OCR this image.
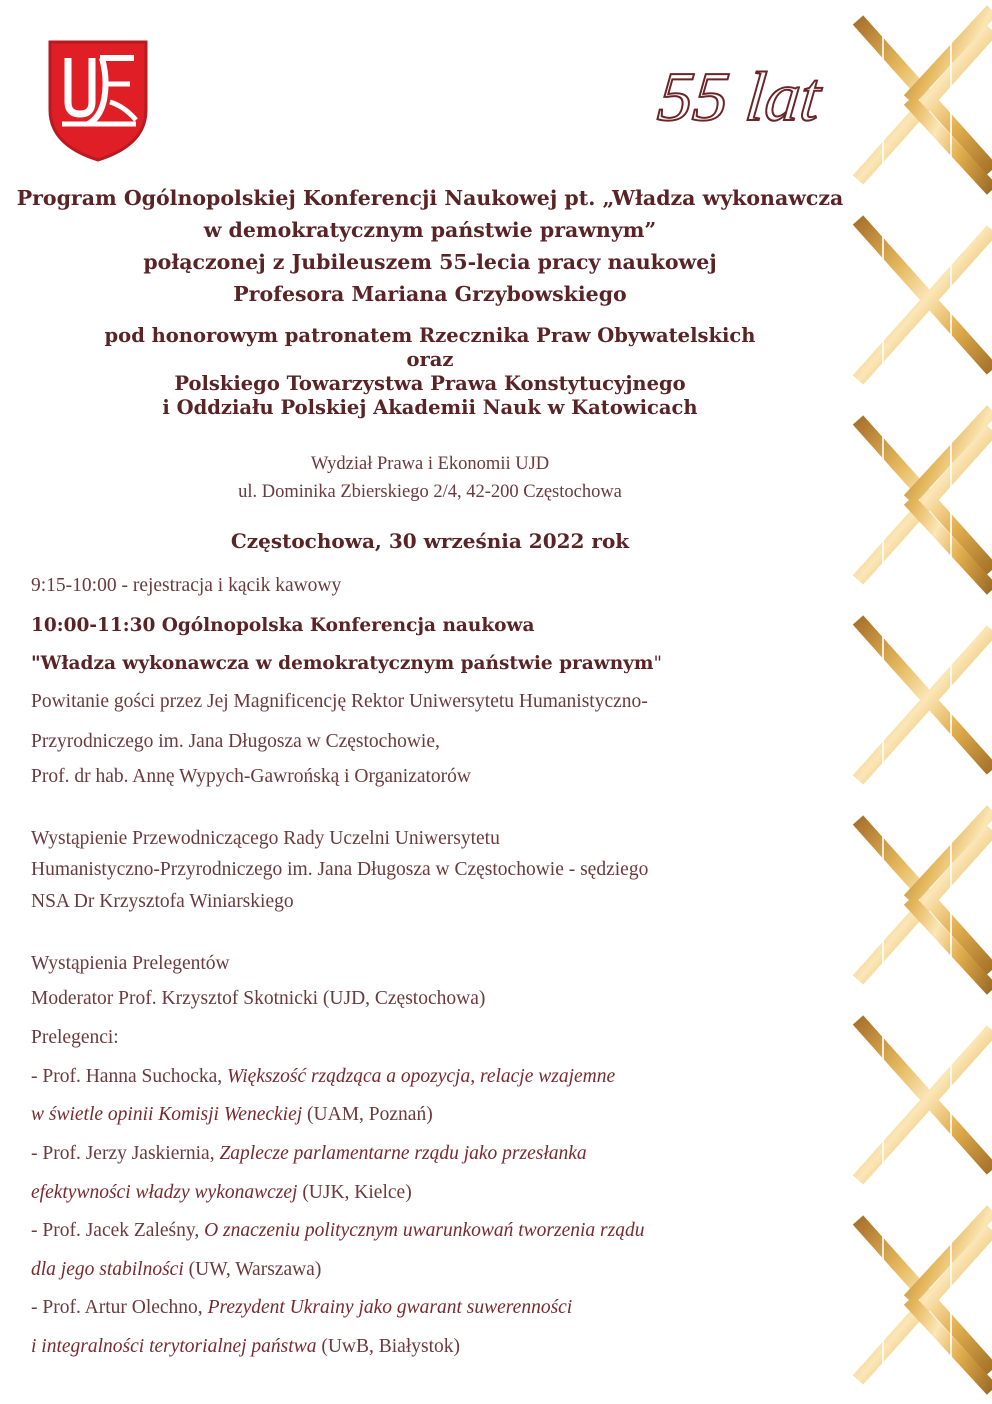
55 lat
Program Ogólnopolskiej Konferencji Naukowej pt. „Władza wykonawcza
w demokratycznym państwie prawnym”
połączonej z Jubileuszem 55-lecia pracy naukowej
Profesora Mariana Grzybowskiego
pod honorowym patronatem Rzecznika Praw Obywatelskich
oraz
Polskiego Towarzystwa Prawa Konstytucyjnego
i Oddziału Polskiej Akademii Nauk w Katowicach
Wydział Prawa i Ekonomii UJD
ul. Dominika Zbierskiego 2/4, 42-200 Częstochowa
Częstochowa, 30 września 2022 rok
9:15-10:00 - rejestracja i kącik kawowy
10:00-11:30 Ogólnopolska Konferencja naukowa
"Władza wykonawcza w demokratycznym państwie prawnym"
Powitanie gości przez Jej Magnificencję Rektor Uniwersytetu Humanistyczno-
Przyrodniczego im. Jana Długosza w Częstochowie,
Prof. dr hab. Annę Wypych-Gawrońską i Organizatorów
Wystąpienie Przewodniczącego Rady Uczelni Uniwersytetu
Humanistyczno-Przyrodniczego im. Jana Długosza w Częstochowie - sędziego
NSA Dr Krzysztofa Winiarskiego
Wystąpienia Prelegentów
Moderator Prof. Krzysztof Skotnicki (UJD, Częstochowa)
Prelegenci:
- Prof. Hanna Suchocka, Większość rządząca a opozycja, relacje wzajemne
w świetle opinii Komisji Weneckiej (UAM, Poznań)
- Prof. Jerzy Jaskiernia, Zaplecze parlamentarne rządu jako przesłanka
efektywności władzy wykonawczej (UJK, Kielce)
- Prof. Jacek Zaleśny, O znaczeniu politycznym uwarunkowań tworzenia rządu
dla jego stabilności (UW, Warszawa)
- Prof. Artur Olechno, Prezydent Ukrainy jako gwarant suwerenności
i integralności terytorialnej państwa (UwB, Białystok)
